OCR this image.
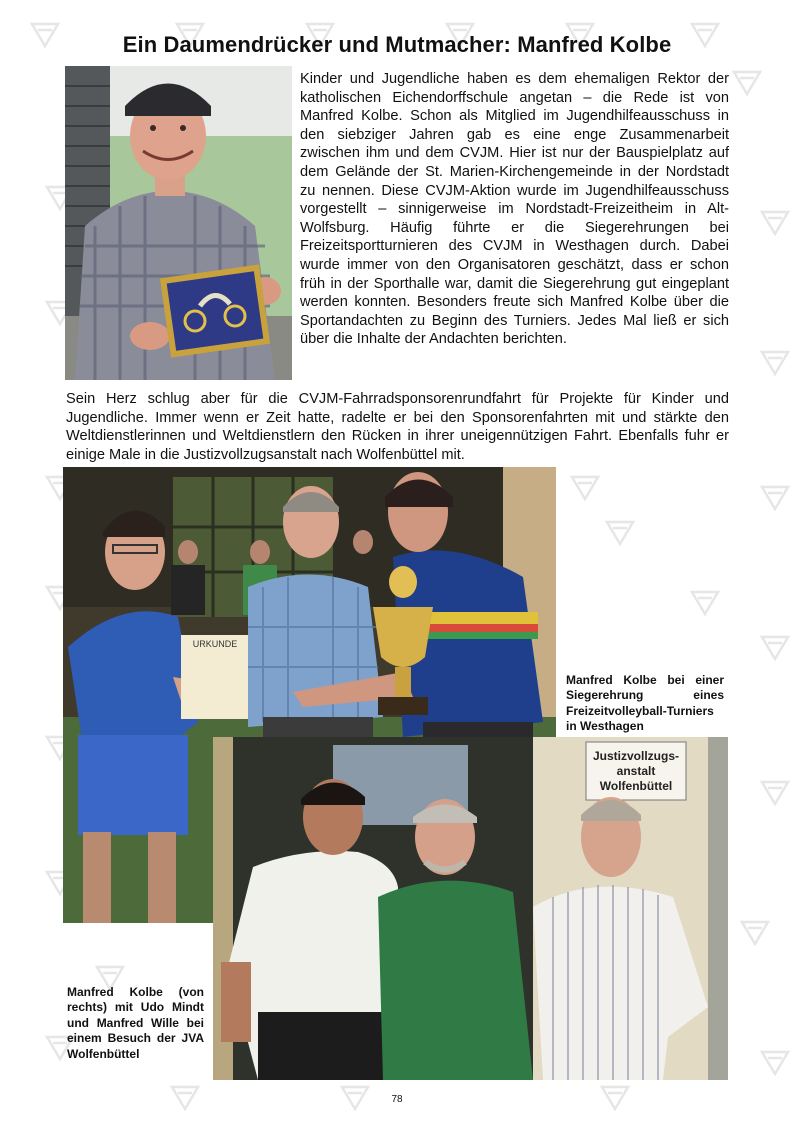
Ein Daumendrücker und Mutmacher: Manfred Kolbe

Kinder und Jugendliche haben es dem ehemaligen Rektor der katholischen Eichendorffschule angetan – die Rede ist von Manfred Kolbe. Schon als Mitglied im Jugendhilfeausschuss in den siebziger Jahren gab es eine enge Zusammenarbeit zwischen ihm und dem CVJM. Hier ist nur der Bauspielplatz auf dem Gelände der St. Marien-Kirchengemeinde in der Nordstadt zu nennen. Diese CVJM-Aktion wurde im Jugendhilfeausschuss vorgestellt – sinnigerweise im Nordstadt-Freizeitheim in Alt-Wolfsburg. Häufig führte er die Siegerehrungen bei Freizeitsportturnieren des CVJM in Westhagen durch. Dabei wurde immer von den Organisatoren geschätzt, dass er schon früh in der Sporthalle war, damit die Siegerehrung gut eingeplant werden konnten. Besonders freute sich Manfred Kolbe über die Sportandachten zu Beginn des Turniers. Jedes Mal ließ er sich über die Inhalte der Andachten berichten.

Sein Herz schlug aber für die CVJM-Fahrradsponsorenrundfahrt für Projekte für Kinder und Jugendliche. Immer wenn er Zeit hatte, radelte er bei den Sponsorenfahrten mit und stärkte den Weltdienstlerinnen und Weltdienstlern den Rücken in ihrer uneigennützigen Fahrt. Ebenfalls fuhr er einige Male in die Justizvollzugsanstalt nach Wolfenbüttel mit.

URKUNDE

Manfred Kolbe bei einer Siegerehrung eines Freizeitvolleyball-Turniers in Westhagen

Justizvollzugs-
anstalt
Wolfenbüttel

Manfred Kolbe (von rechts) mit Udo Mindt und Manfred Wille bei einem Besuch der JVA Wolfenbüttel

78
